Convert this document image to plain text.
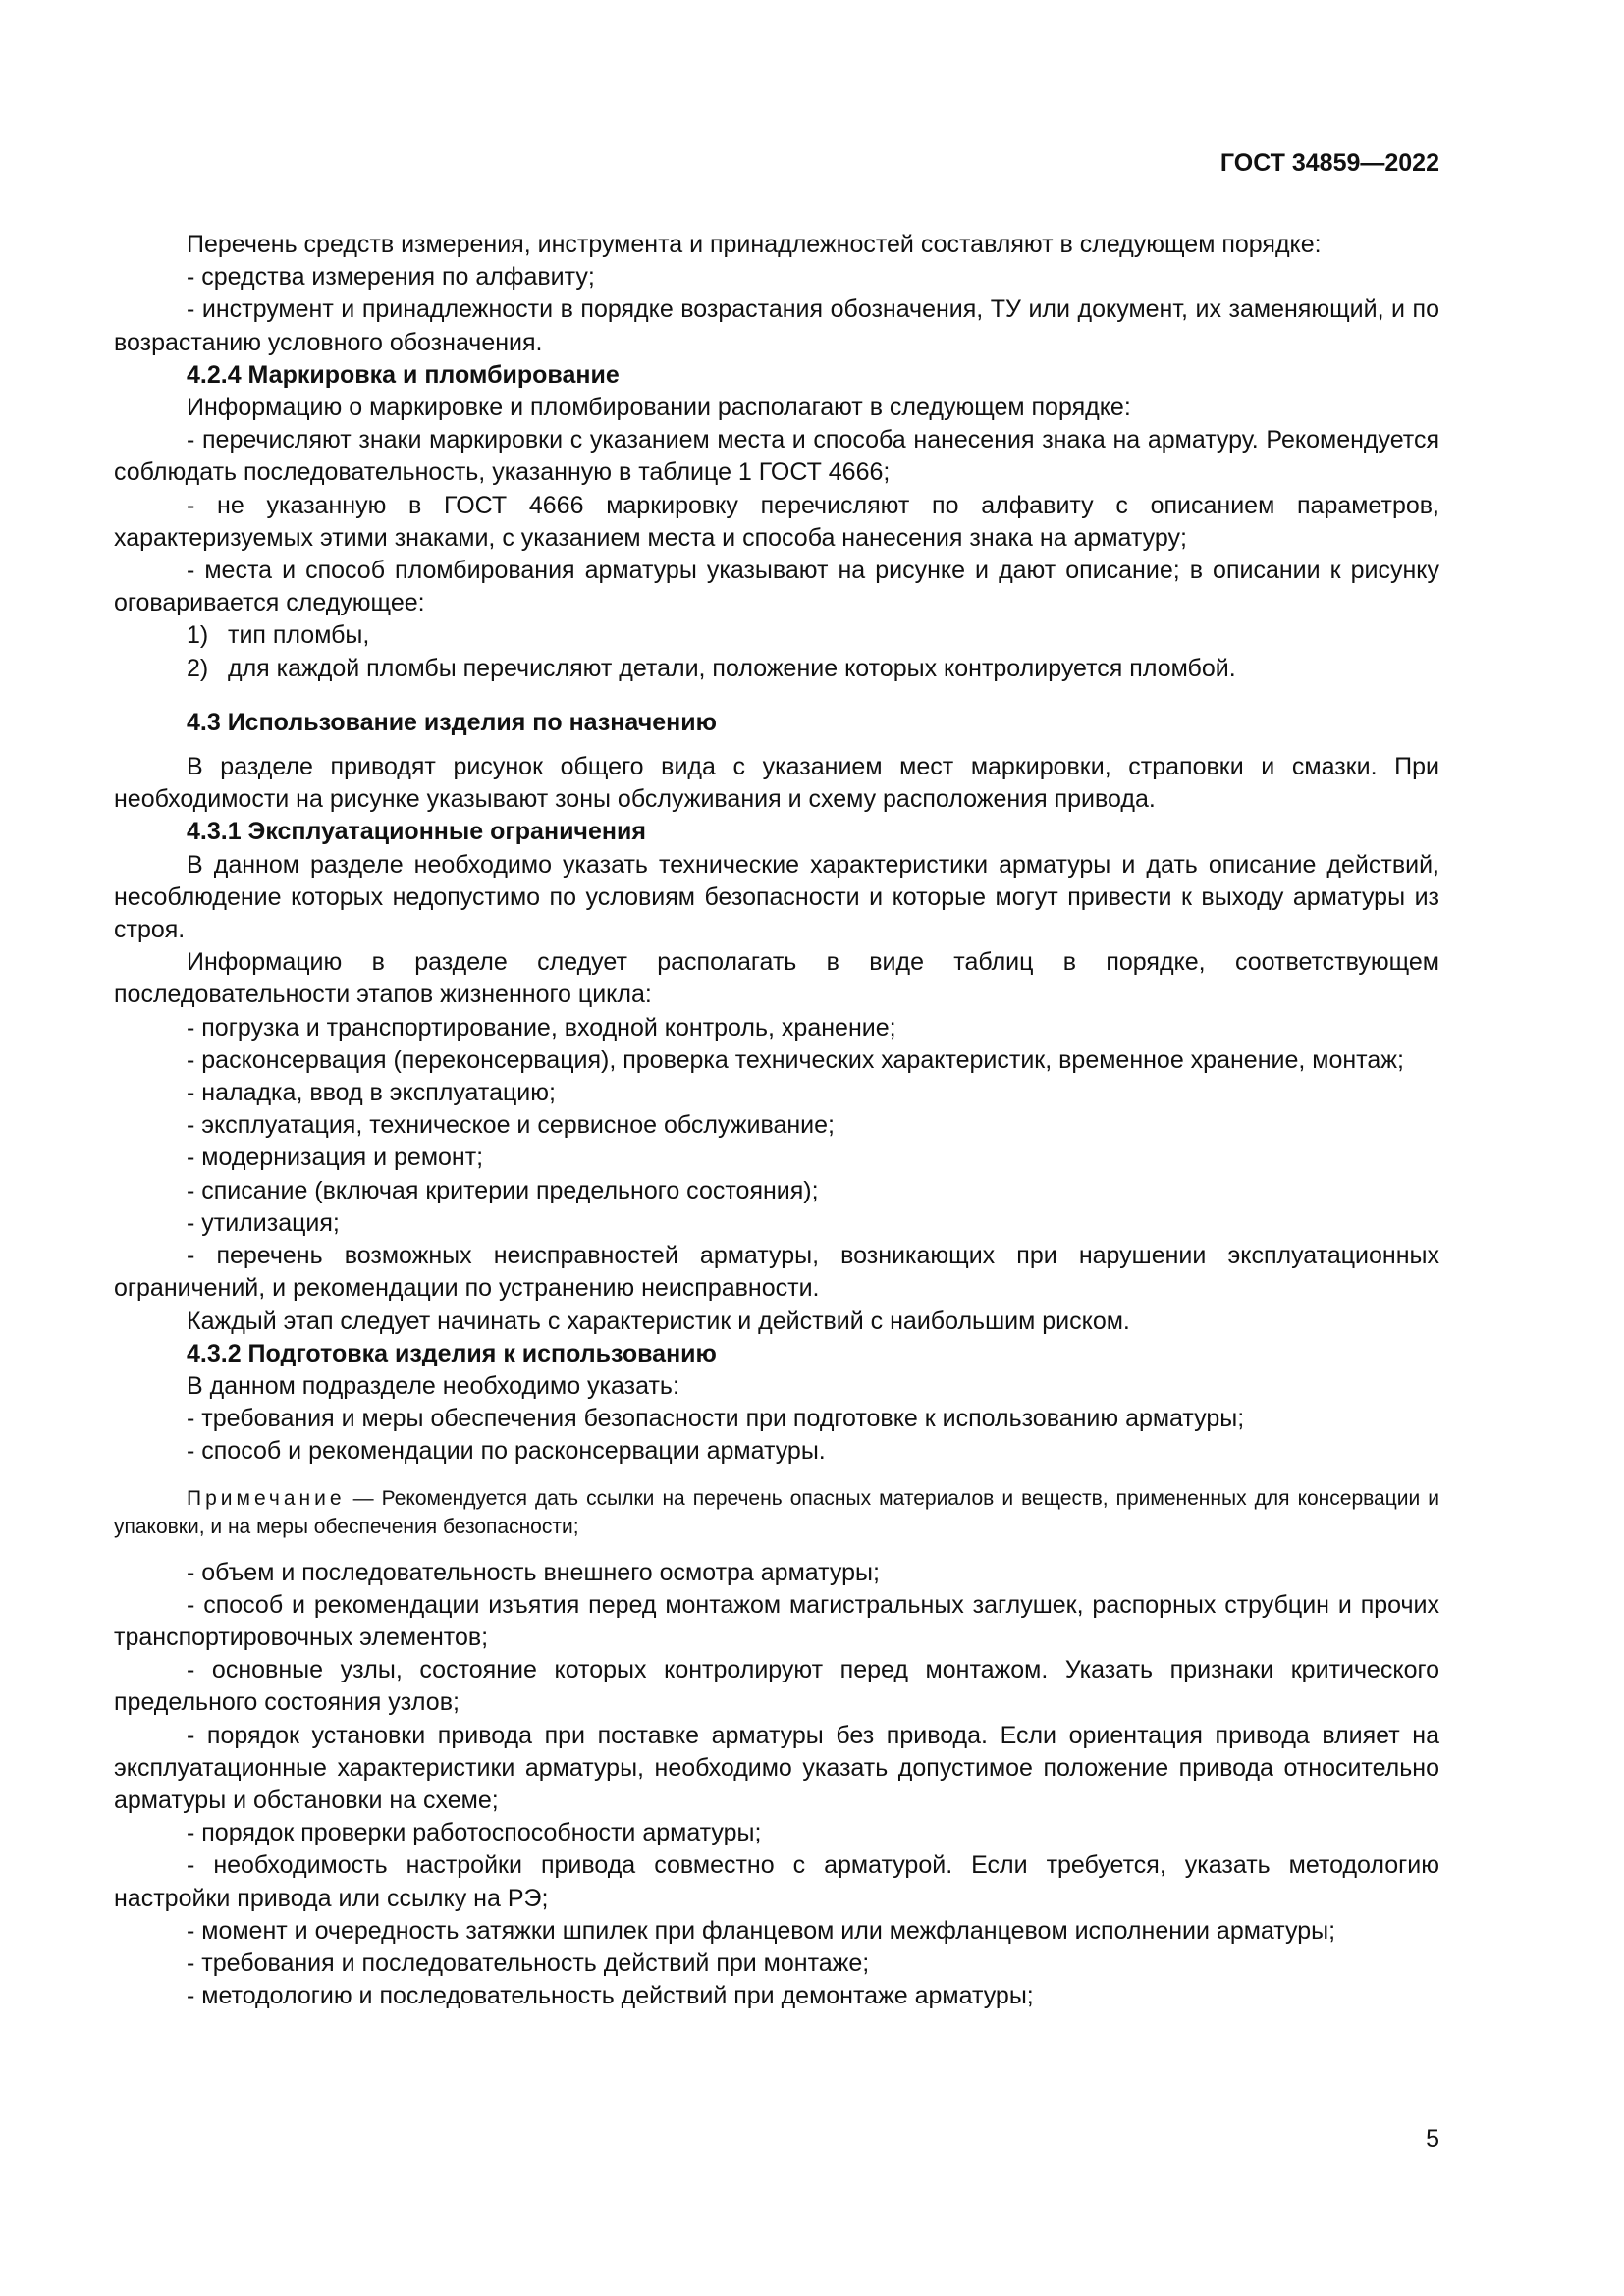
ГОСТ 34859—2022
Перечень средств измерения, инструмента и принадлежностей составляют в следующем порядке:
- средства измерения по алфавиту;
- инструмент и принадлежности в порядке возрастания обозначения, ТУ или документ, их заменяющий, и по возрастанию условного обозначения.
4.2.4 Маркировка и пломбирование
Информацию о маркировке и пломбировании располагают в следующем порядке:
- перечисляют знаки маркировки с указанием места и способа нанесения знака на арматуру. Рекомендуется соблюдать последовательность, указанную в таблице 1 ГОСТ 4666;
- не указанную в ГОСТ 4666 маркировку перечисляют по алфавиту с описанием параметров, характеризуемых этими знаками, с указанием места и способа нанесения знака на арматуру;
- места и способ пломбирования арматуры указывают на рисунке и дают описание; в описании к рисунку оговаривается следующее:
1) тип пломбы,
2) для каждой пломбы перечисляют детали, положение которых контролируется пломбой.
4.3 Использование изделия по назначению
В разделе приводят рисунок общего вида с указанием мест маркировки, страповки и смазки. При необходимости на рисунке указывают зоны обслуживания и схему расположения привода.
4.3.1 Эксплуатационные ограничения
В данном разделе необходимо указать технические характеристики арматуры и дать описание действий, несоблюдение которых недопустимо по условиям безопасности и которые могут привести к выходу арматуры из строя.
Информацию в разделе следует располагать в виде таблиц в порядке, соответствующем последовательности этапов жизненного цикла:
- погрузка и транспортирование, входной контроль, хранение;
- расконсервация (переконсервация), проверка технических характеристик, временное хранение, монтаж;
- наладка, ввод в эксплуатацию;
- эксплуатация, техническое и сервисное обслуживание;
- модернизация и ремонт;
- списание (включая критерии предельного состояния);
- утилизация;
- перечень возможных неисправностей арматуры, возникающих при нарушении эксплуатационных ограничений, и рекомендации по устранению неисправности.
Каждый этап следует начинать с характеристик и действий с наибольшим риском.
4.3.2 Подготовка изделия к использованию
В данном подразделе необходимо указать:
- требования и меры обеспечения безопасности при подготовке к использованию арматуры;
- способ и рекомендации по расконсервации арматуры.
Примечание — Рекомендуется дать ссылки на перечень опасных материалов и веществ, примененных для консервации и упаковки, и на меры обеспечения безопасности;
- объем и последовательность внешнего осмотра арматуры;
- способ и рекомендации изъятия перед монтажом магистральных заглушек, распорных струбцин и прочих транспортировочных элементов;
- основные узлы, состояние которых контролируют перед монтажом. Указать признаки критического предельного состояния узлов;
- порядок установки привода при поставке арматуры без привода. Если ориентация привода влияет на эксплуатационные характеристики арматуры, необходимо указать допустимое положение привода относительно арматуры и обстановки на схеме;
- порядок проверки работоспособности арматуры;
- необходимость настройки привода совместно с арматурой. Если требуется, указать методологию настройки привода или ссылку на РЭ;
- момент и очередность затяжки шпилек при фланцевом или межфланцевом исполнении арматуры;
- требования и последовательность действий при монтаже;
- методологию и последовательность действий при демонтаже арматуры;
5
